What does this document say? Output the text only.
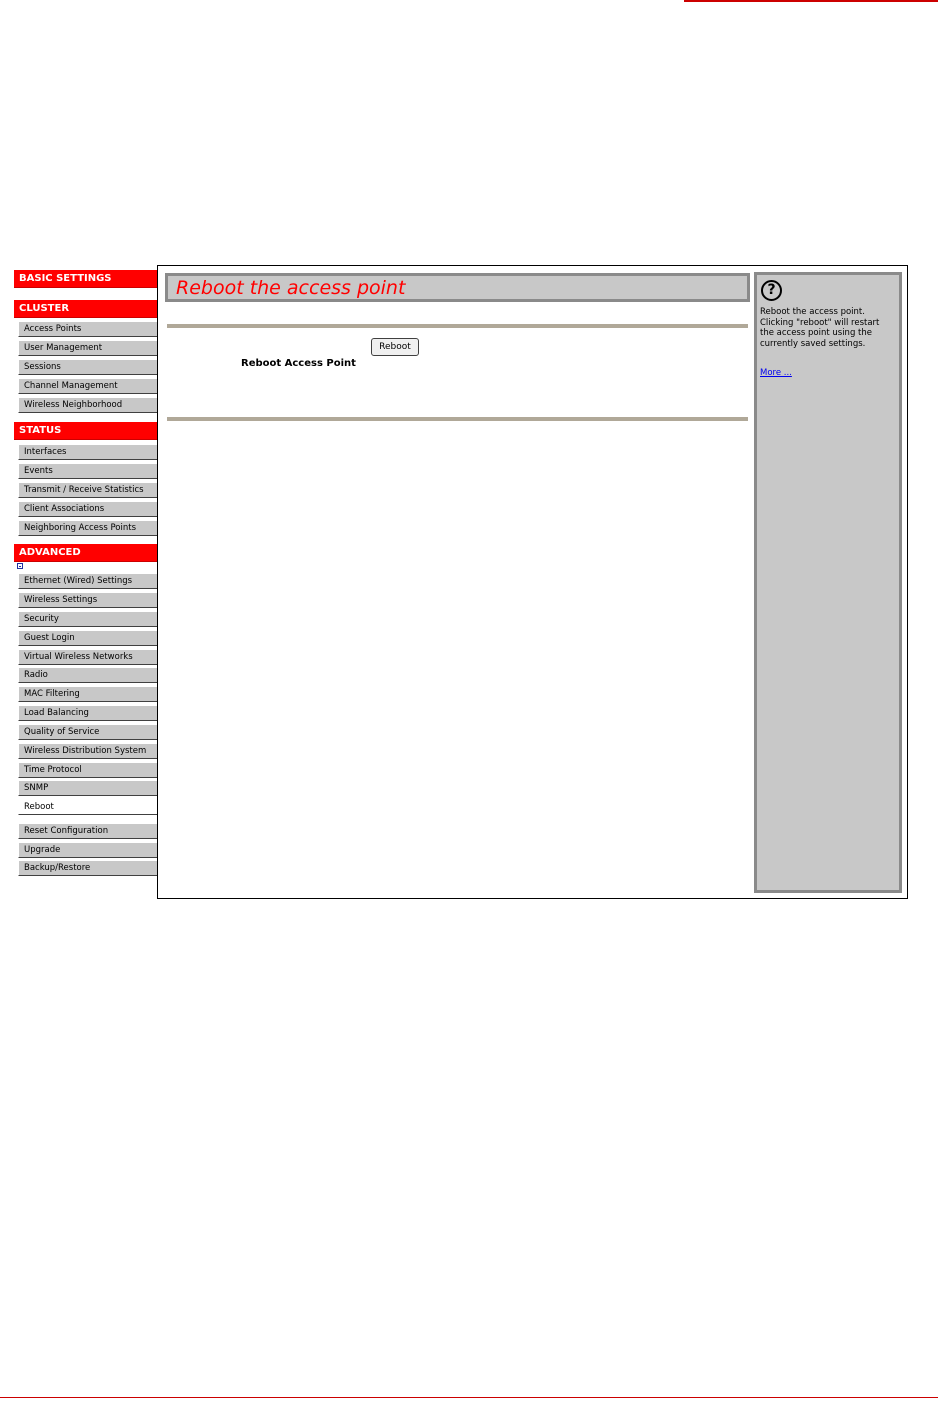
BASIC SETTINGS
CLUSTER
Access Points
User Management
Sessions
Channel Management
Wireless Neighborhood
STATUS
Interfaces
Events
Transmit / Receive Statistics
Client Associations
Neighboring Access Points
ADVANCED
Ethernet (Wired) Settings
Wireless Settings
Security
Guest Login
Virtual Wireless Networks
Radio
MAC Filtering
Load Balancing
Quality of Service
Wireless Distribution System
Time Protocol
SNMP
Reboot
Reset Configuration
Upgrade
Backup/Restore
Reboot the access point
Reboot
Reboot Access Point
?
Reboot the access point. Clicking "reboot" will restart the access point using the currently saved settings.
More ...
